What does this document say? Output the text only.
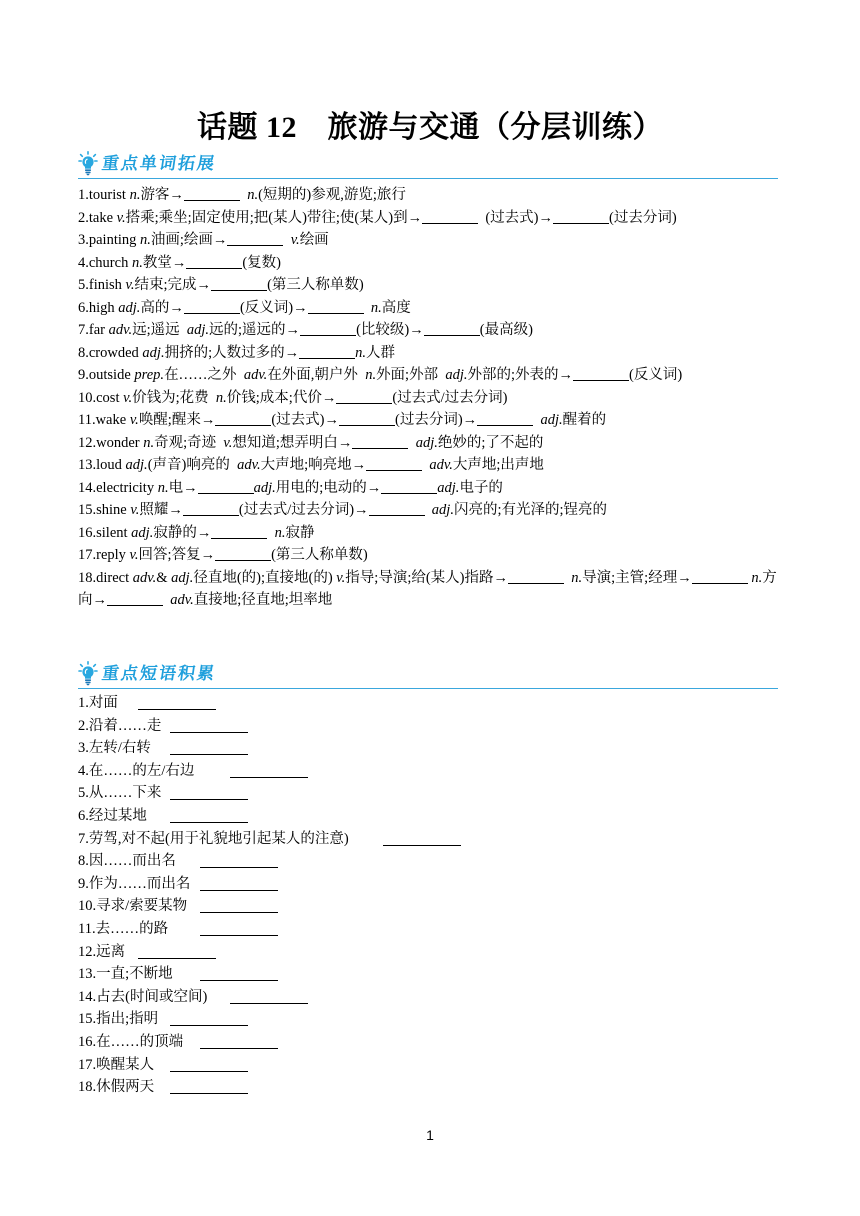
话题 12　旅游与交通（分层训练）
重点单词拓展
1.tourist n.游客→	n.(短期的)参观,游览;旅行
2.take v.搭乘;乘坐;固定使用;把(某人)带往;使(某人)到→	(过去式)→	(过去分词)
3.painting n.油画;绘画→	v.绘画
4.church n.教堂→	(复数)
5.finish v.结束;完成→	(第三人称单数)
6.high adj.高的→	(反义词)→	n.高度
7.far adv.远;遥远  adj.远的;遥远的→	(比较级)→	(最高级)
8.crowded adj.拥挤的;人数过多的→	n.人群
9.outside prep.在……之外  adv.在外面,朝户外  n.外面;外部  adj.外部的;外表的→	(反义词)
10.cost v.价钱为;花费  n.价钱;成本;代价→	(过去式/过去分词)
11.wake v.唤醒;醒来→	(过去式)→	(过去分词)→	adj.醒着的
12.wonder n.奇观;奇迹  v.想知道;想弄明白→	adj.绝妙的;了不起的
13.loud adj.(声音)响亮的  adv.大声地;响亮地→	adv.大声地;出声地
14.electricity n.电→	adj.用电的;电动的→	adj.电子的
15.shine v.照耀→	(过去式/过去分词)→	adj.闪亮的;有光泽的;锃亮的
16.silent adj.寂静的→	n.寂静
17.reply v.回答;答复→	(第三人称单数)
18.direct adv.& adj.径直地(的);直接地(的) v.指导;导演;给(某人)指路→	n.导演;主管;经理→	n.方向→	adv.直接地;径直地;坦率地
重点短语积累
1.对面
2.沿着……走
3.左转/右转
4.在……的左/右边
5.从……下来
6.经过某地
7.劳驾,对不起(用于礼貌地引起某人的注意)
8.因……而出名
9.作为……而出名
10.寻求/索要某物
11.去……的路
12.远离
13.一直;不断地
14.占去(时间或空间)
15.指出;指明
16.在……的顶端
17.唤醒某人
18.休假两天
1
